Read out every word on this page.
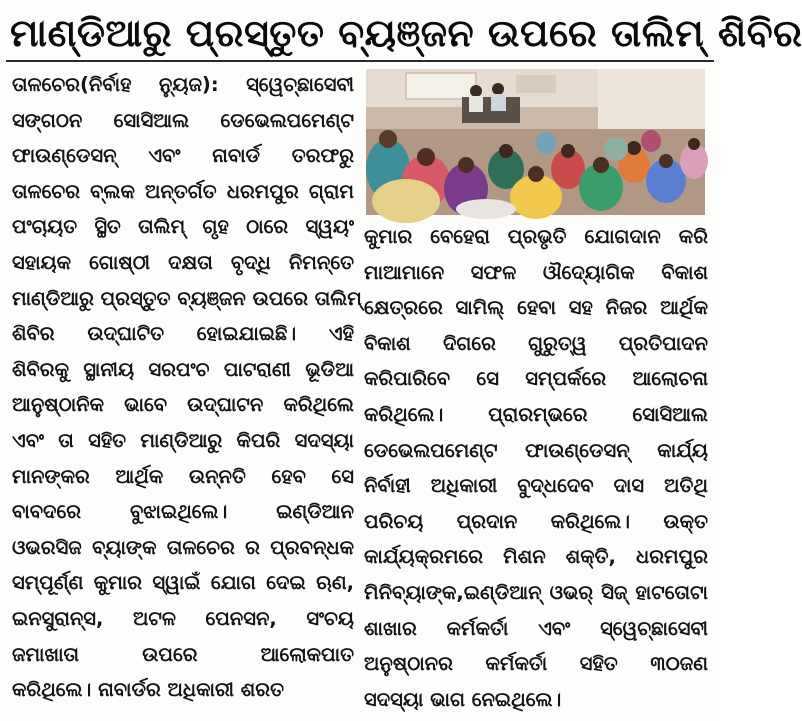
ମାଣ୍ଡିଆରୁ ପ୍ରସ୍ତୁତ ବ୍ୟଞ୍ଜନ ଉପରେ ତାଲିମ୍ ଶିବିର
ତାଳଚେର(ନିର୍ବାହ ନ୍ୟୁଜ): ସ୍ୱେଚ୍ଛାସେବୀ
ସଙ୍ଗଠନ ସୋସିଆଲ ଡେଭେଲପମେଣ୍ଟ
ଫାଉଣ୍ଡେସନ୍ ଏବଂ ନାବାର୍ଡ ତରଫରୁ
ତାଳଚେର ବ୍ଲକ ଅନ୍ତର୍ଗତ ଧରମପୁର ଗ୍ରାମ
ପଂଚାୟତ ସ୍ଥିତ ତାଲିମ୍ ଗୃହ ଠାରେ ସ୍ୱୟଂ
ସହାୟକ ଗୋଷ୍ଠୀ ଦକ୍ଷତା ବୃଦ୍ଧି ନିମନ୍ତେ
ମାଣ୍ଡିଆରୁ ପ୍ରସ୍ତୁତ ବ୍ୟଞ୍ଜନ ଉପରେ ତାଲିମ୍
ଶିବିର ଉଦ୍‌ଘାଟିତ ହୋଇଯାଇଛି। ଏହି
ଶିବିରକୁ ସ୍ଥାନୀୟ ସରପଂଚ ପାଟରାଣୀ ଭୂଡିଆ
ଆନୁଷ୍ଠାନିକ ଭାବେ ଉଦ୍‌ଘାଟନ କରିଥିଲେ
ଏବଂ ତା ସହିତ ମାଣ୍ଡିଆରୁ କିପରି ସଦସ୍ୟା
ମାନଙ୍କର ଆର୍ଥିକ ଉନ୍ନତି ହେବ ସେ
ବାବଦରେ ବୁଝାଇଥିଲେ। ଇଣ୍ଡିଆନ
ଓଭରସିଜ ବ୍ୟାଙ୍କ ତାଳଚେର ର ପ୍ରବନ୍ଧକ
ସମ୍ପୂର୍ଣ୍ଣ କୁମାର ସ୍ୱାଇଁ ଯୋଗ ଦେଇ ଋଣ,
ଇନସୁରାନ୍ସ, ଅଟଳ ପେନସନ, ସଂଚୟ
ଜମାଖାତା ଉପରେ ଆଲୋକପାତ
କରିଥିଲେ। ନାବାର୍ଡର ଅଧିକାରୀ ଶରତ
କୁମାର ବେହେରା ପ୍ରଭୃତି ଯୋଗଦାନ କରି
ମାଆମାନେ ସଫଳ ଔଦ୍ୟୋଗିକ ବିକାଶ
କ୍ଷେତ୍ରରେ ସାମିଲ୍ ହେବା ସହ ନିଜର ଆର୍ଥିକ
ବିକାଶ ଦିଗରେ ଗୁରୁତ୍ୱ ପ୍ରତିପାଦନ
କରିପାରିବେ ସେ ସମ୍ପର୍କରେ ଆଲୋଚନା
କରିଥିଲେ। ପ୍ରାରମ୍ଭରେ ସୋସିଆଲ
ଡେଭେଲପମେଣ୍ଟ ଫାଉଣ୍ଡେସନ୍ କାର୍ଯ୍ୟ
ନିର୍ବାହୀ ଅଧିକାରୀ ବୁଦ୍ଧଦେବ ଦାସ ଅତିଥି
ପରିଚୟ ପ୍ରଦାନ କରିଥିଲେ। ଉକ୍ତ
କାର୍ଯ୍ୟକ୍ରମରେ ମିଶନ ଶକ୍ତି, ଧରମପୁର
ମିନିବ୍ୟାଙ୍କ,ଇଣ୍ଡିଆନ୍ ଓଭର୍ ସିଜ୍ ହାଟତୋଟା
ଶାଖାର କର୍ମକର୍ତା ଏବଂ ସ୍ୱେଚ୍ଛାସେବୀ
ଅନୁଷ୍ଠାନର କର୍ମକର୍ତା ସହିତ ୩୦ଜଣ
ସଦସ୍ୟା ଭାଗ ନେଇଥିଲେ।
